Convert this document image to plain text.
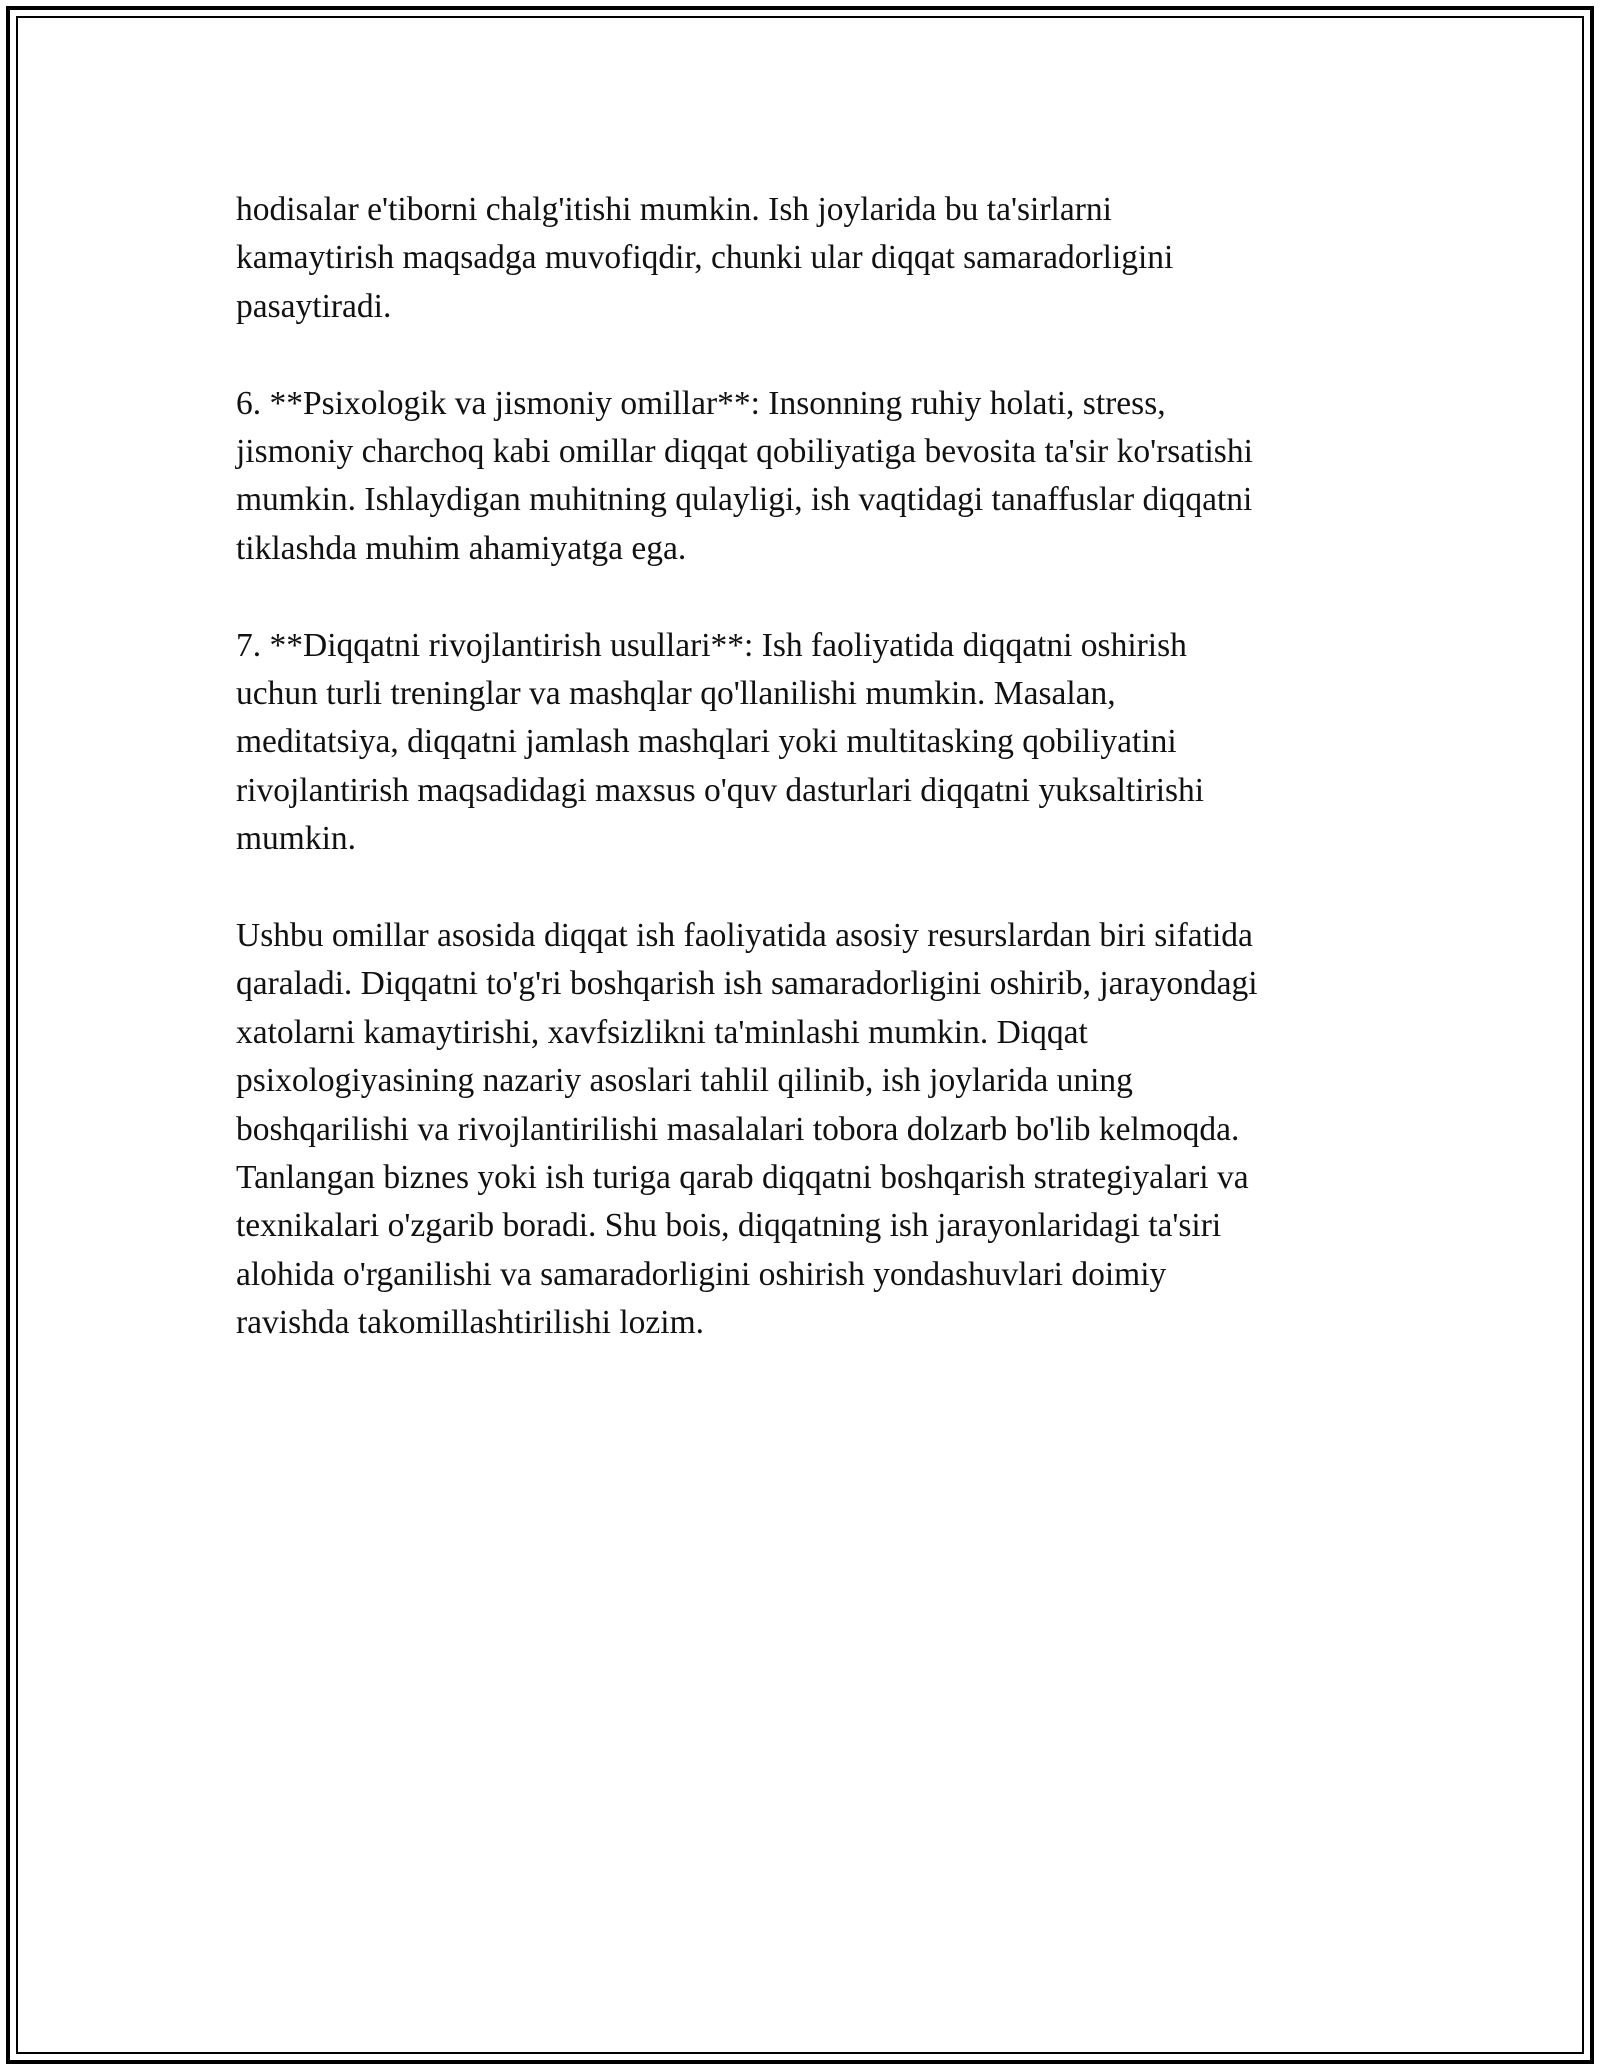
hodisalar e'tiborni chalg'itishi mumkin. Ish joylarida bu ta'sirlarni
kamaytirish maqsadga muvofiqdir, chunki ular diqqat samaradorligini
pasaytiradi.

6. **Psixologik va jismoniy omillar**: Insonning ruhiy holati, stress,
jismoniy charchoq kabi omillar diqqat qobiliyatiga bevosita ta'sir ko'rsatishi
mumkin. Ishlaydigan muhitning qulayligi, ish vaqtidagi tanaffuslar diqqatni
tiklashda muhim ahamiyatga ega.

7. **Diqqatni rivojlantirish usullari**: Ish faoliyatida diqqatni oshirish
uchun turli treninglar va mashqlar qo'llanilishi mumkin. Masalan,
meditatsiya, diqqatni jamlash mashqlari yoki multitasking qobiliyatini
rivojlantirish maqsadidagi maxsus o'quv dasturlari diqqatni yuksaltirishi
mumkin.

Ushbu omillar asosida diqqat ish faoliyatida asosiy resurslardan biri sifatida
qaraladi. Diqqatni to'g'ri boshqarish ish samaradorligini oshirib, jarayondagi
xatolarni kamaytirishi, xavfsizlikni ta'minlashi mumkin. Diqqat
psixologiyasining nazariy asoslari tahlil qilinib, ish joylarida uning
boshqarilishi va rivojlantirilishi masalalari tobora dolzarb bo'lib kelmoqda.
Tanlangan biznes yoki ish turiga qarab diqqatni boshqarish strategiyalari va
texnikalari o'zgarib boradi. Shu bois, diqqatning ish jarayonlaridagi ta'siri
alohida o'rganilishi va samaradorligini oshirish yondashuvlari doimiy
ravishda takomillashtirilishi lozim.
